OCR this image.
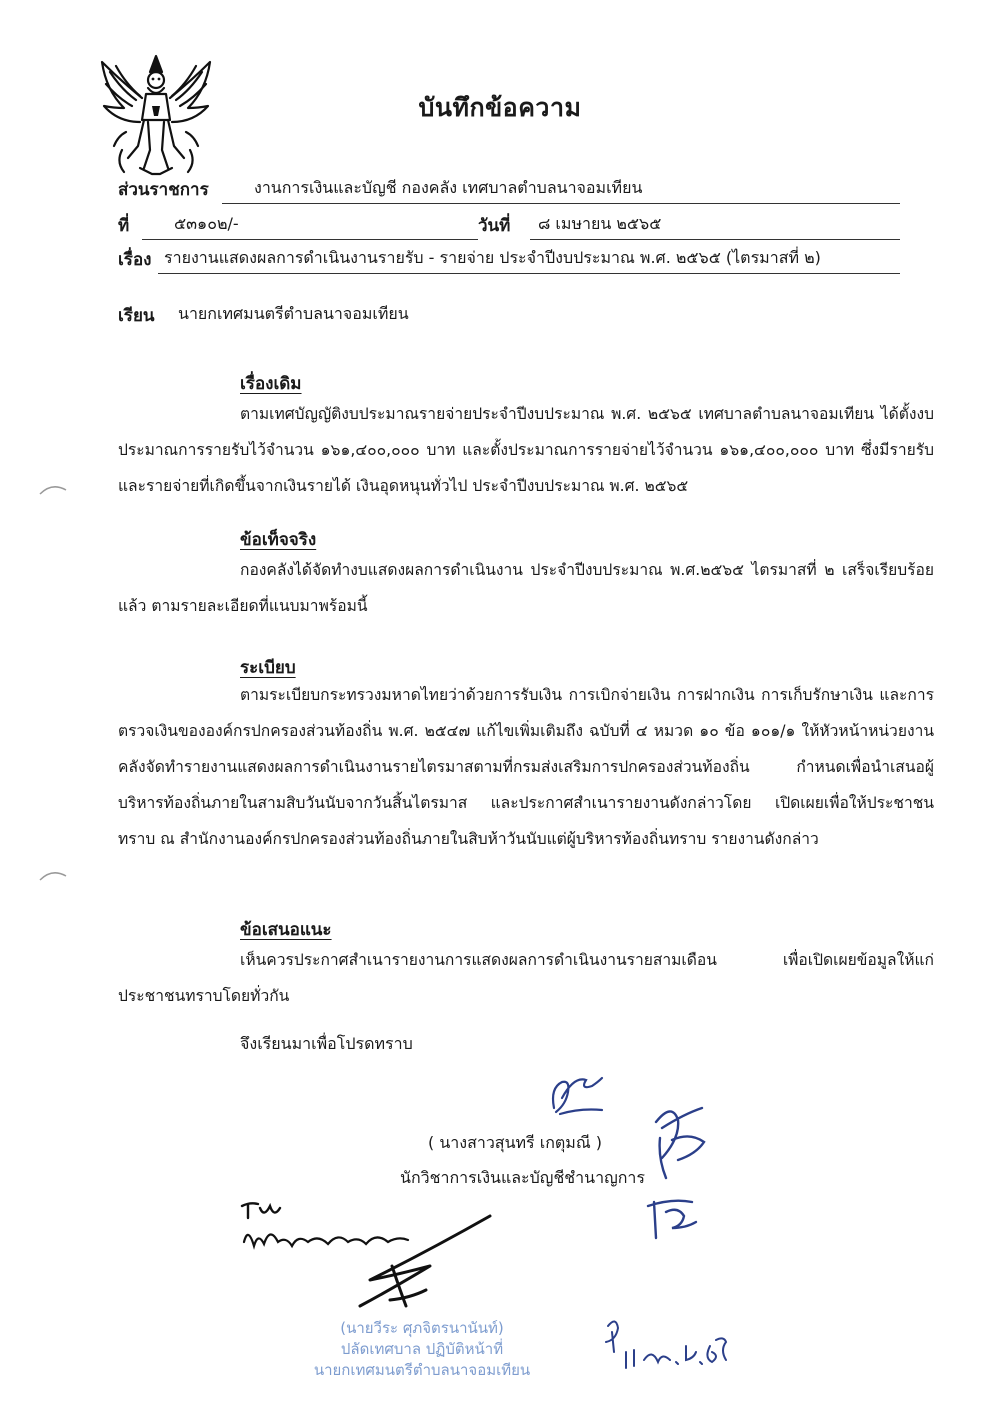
บันทึกข้อความ
ส่วนราชการ	งานการเงินและบัญชี กองคลัง เทศบาลตำบลนาจอมเทียน
ที่	๕๓๑๐๒/-	วันที่ ๘ เมษายน ๒๕๖๕
เรื่อง รายงานแสดงผลการดำเนินงานรายรับ - รายจ่าย ประจำปีงบประมาณ พ.ศ. ๒๕๖๕ (ไตรมาสที่ ๒)
เรียน นายกเทศมนตรีตำบลนาจอมเทียน
เรื่องเดิม
ตามเทศบัญญัติงบประมาณรายจ่ายประจำปีงบประมาณ พ.ศ. ๒๕๖๕ เทศบาลตำบลนาจอมเทียน ได้ตั้งงบประมาณการรายรับไว้จำนวน ๑๖๑,๔๐๐,๐๐๐ บาท และตั้งประมาณการรายจ่ายไว้จำนวน ๑๖๑,๔๐๐,๐๐๐ บาท ซึ่งมีรายรับและรายจ่ายที่เกิดขึ้นจากเงินรายได้ เงินอุดหนุนทั่วไป ประจำปีงบประมาณ พ.ศ. ๒๕๖๕
ข้อเท็จจริง
กองคลังได้จัดทำงบแสดงผลการดำเนินงาน ประจำปีงบประมาณ พ.ศ.๒๕๖๕ ไตรมาสที่ ๒ เสร็จเรียบร้อยแล้ว ตามรายละเอียดที่แนบมาพร้อมนี้
ระเบียบ
ตามระเบียบกระทรวงมหาดไทยว่าด้วยการรับเงิน การเบิกจ่ายเงิน การฝากเงิน การเก็บรักษาเงิน และการตรวจเงินขององค์กรปกครองส่วนท้องถิ่น พ.ศ. ๒๕๔๗ แก้ไขเพิ่มเติมถึง ฉบับที่ ๔ หมวด ๑๐ ข้อ ๑๐๑/๑ ให้หัวหน้าหน่วยงานคลังจัดทำรายงานแสดงผลการดำเนินงานรายไตรมาสตามที่กรมส่งเสริมการปกครองส่วนท้องถิ่น กำหนดเพื่อนำเสนอผู้บริหารท้องถิ่นภายในสามสิบวันนับจากวันสิ้นไตรมาส และประกาศสำเนารายงานดังกล่าวโดย เปิดเผยเพื่อให้ประชาชนทราบ ณ สำนักงานองค์กรปกครองส่วนท้องถิ่นภายในสิบห้าวันนับแต่ผู้บริหารท้องถิ่นทราบ รายงานดังกล่าว
ข้อเสนอแนะ
เห็นควรประกาศสำเนารายงานการแสดงผลการดำเนินงานรายสามเดือน เพื่อเปิดเผยข้อมูลให้แก่ประชาชนทราบโดยทั่วกัน
จึงเรียนมาเพื่อโปรดทราบ
( นางสาวสุนทรี เกตุมณี )
นักวิชาการเงินและบัญชีชำนาญการ
(นายวีระ ศุภจิตรนานันท์)
ปลัดเทศบาล ปฏิบัติหน้าที่
นายกเทศมนตรีตำบลนาจอมเทียน
